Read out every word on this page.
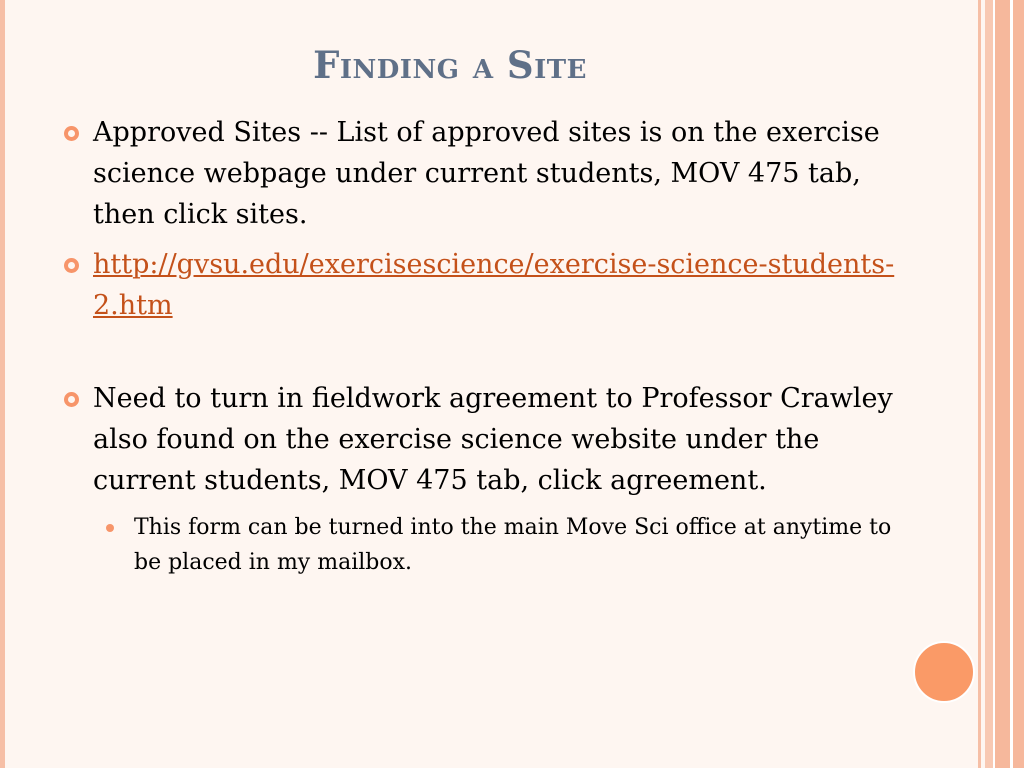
Finding a Site
Approved Sites -- List of approved sites is on the exercise science webpage under current students, MOV 475 tab, then click sites.
http://gvsu.edu/exercisescience/exercise-science-students-2.htm
Need to turn in fieldwork agreement to Professor Crawley also found on the exercise science website under the current students, MOV 475 tab, click agreement.
This form can be turned into the main Move Sci office at anytime to be placed in my mailbox.
